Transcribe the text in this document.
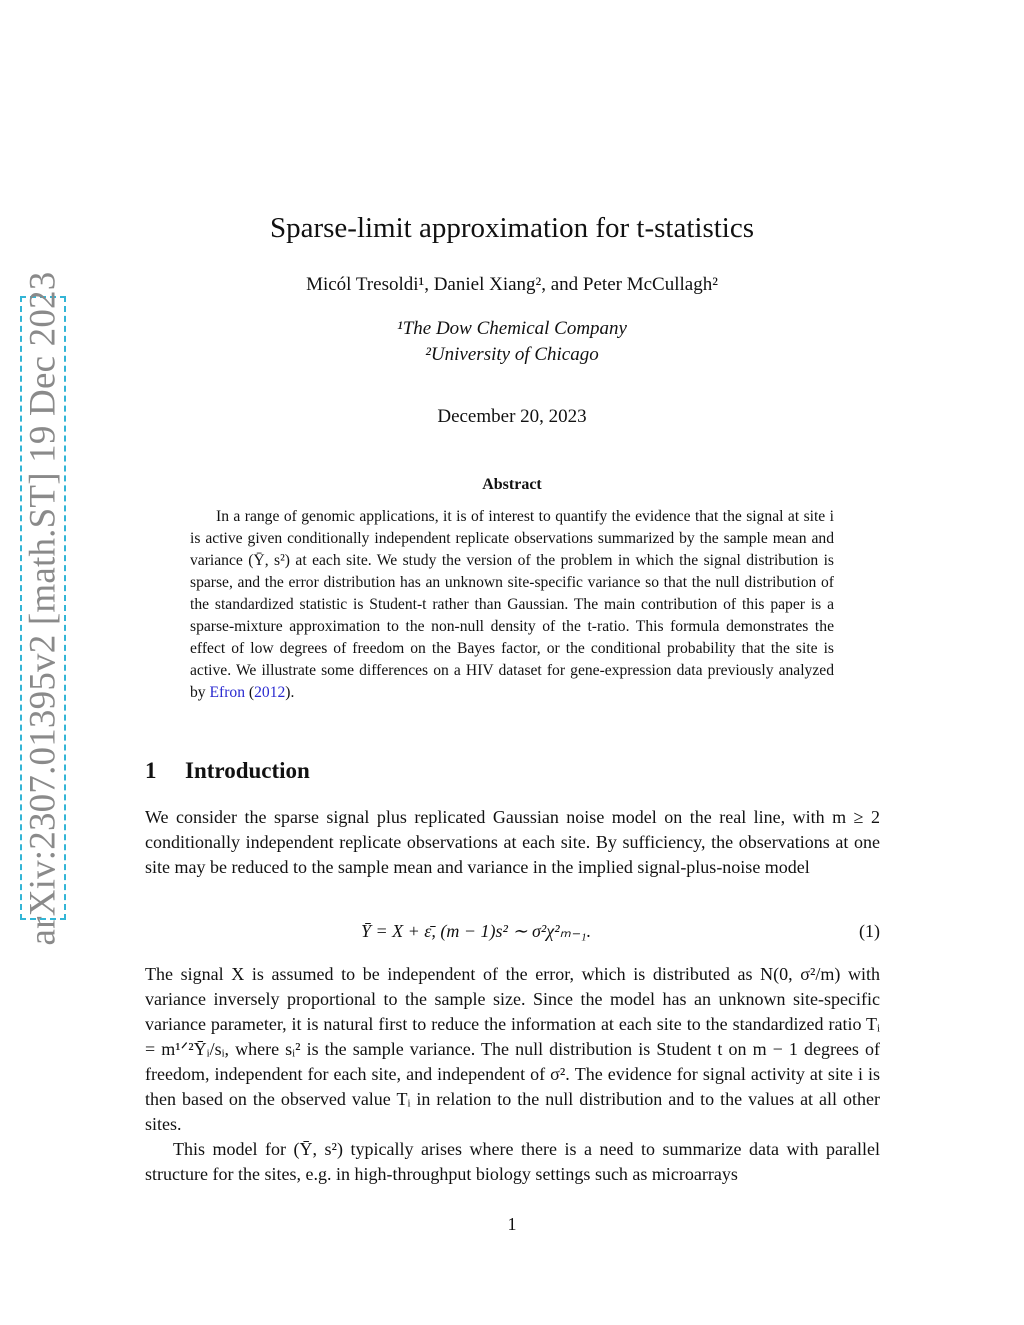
arXiv:2307.01395v2 [math.ST] 19 Dec 2023
Sparse-limit approximation for t-statistics
Micól Tresoldi¹, Daniel Xiang², and Peter McCullagh²
¹The Dow Chemical Company
²University of Chicago
December 20, 2023
Abstract
In a range of genomic applications, it is of interest to quantify the evidence that the signal at site i is active given conditionally independent replicate observations summarized by the sample mean and variance (Ȳ, s²) at each site. We study the version of the problem in which the signal distribution is sparse, and the error distribution has an unknown site-specific variance so that the null distribution of the standardized statistic is Student-t rather than Gaussian. The main contribution of this paper is a sparse-mixture approximation to the non-null density of the t-ratio. This formula demonstrates the effect of low degrees of freedom on the Bayes factor, or the conditional probability that the site is active. We illustrate some differences on a HIV dataset for gene-expression data previously analyzed by Efron (2012).
1 Introduction
We consider the sparse signal plus replicated Gaussian noise model on the real line, with m ≥ 2 conditionally independent replicate observations at each site. By sufficiency, the observations at one site may be reduced to the sample mean and variance in the implied signal-plus-noise model
Ȳ = X + ε̄, (m − 1)s² ∼ σ²χ²ₘ₋₁.	(1)
The signal X is assumed to be independent of the error, which is distributed as N(0, σ²/m) with variance inversely proportional to the sample size. Since the model has an unknown site-specific variance parameter, it is natural first to reduce the information at each site to the standardized ratio Tᵢ = m¹ᐟ²Ȳᵢ/sᵢ, where sᵢ² is the sample variance. The null distribution is Student t on m − 1 degrees of freedom, independent for each site, and independent of σ². The evidence for signal activity at site i is then based on the observed value Tᵢ in relation to the null distribution and to the values at all other sites.
This model for (Ȳ, s²) typically arises where there is a need to summarize data with parallel structure for the sites, e.g. in high-throughput biology settings such as microarrays
1
